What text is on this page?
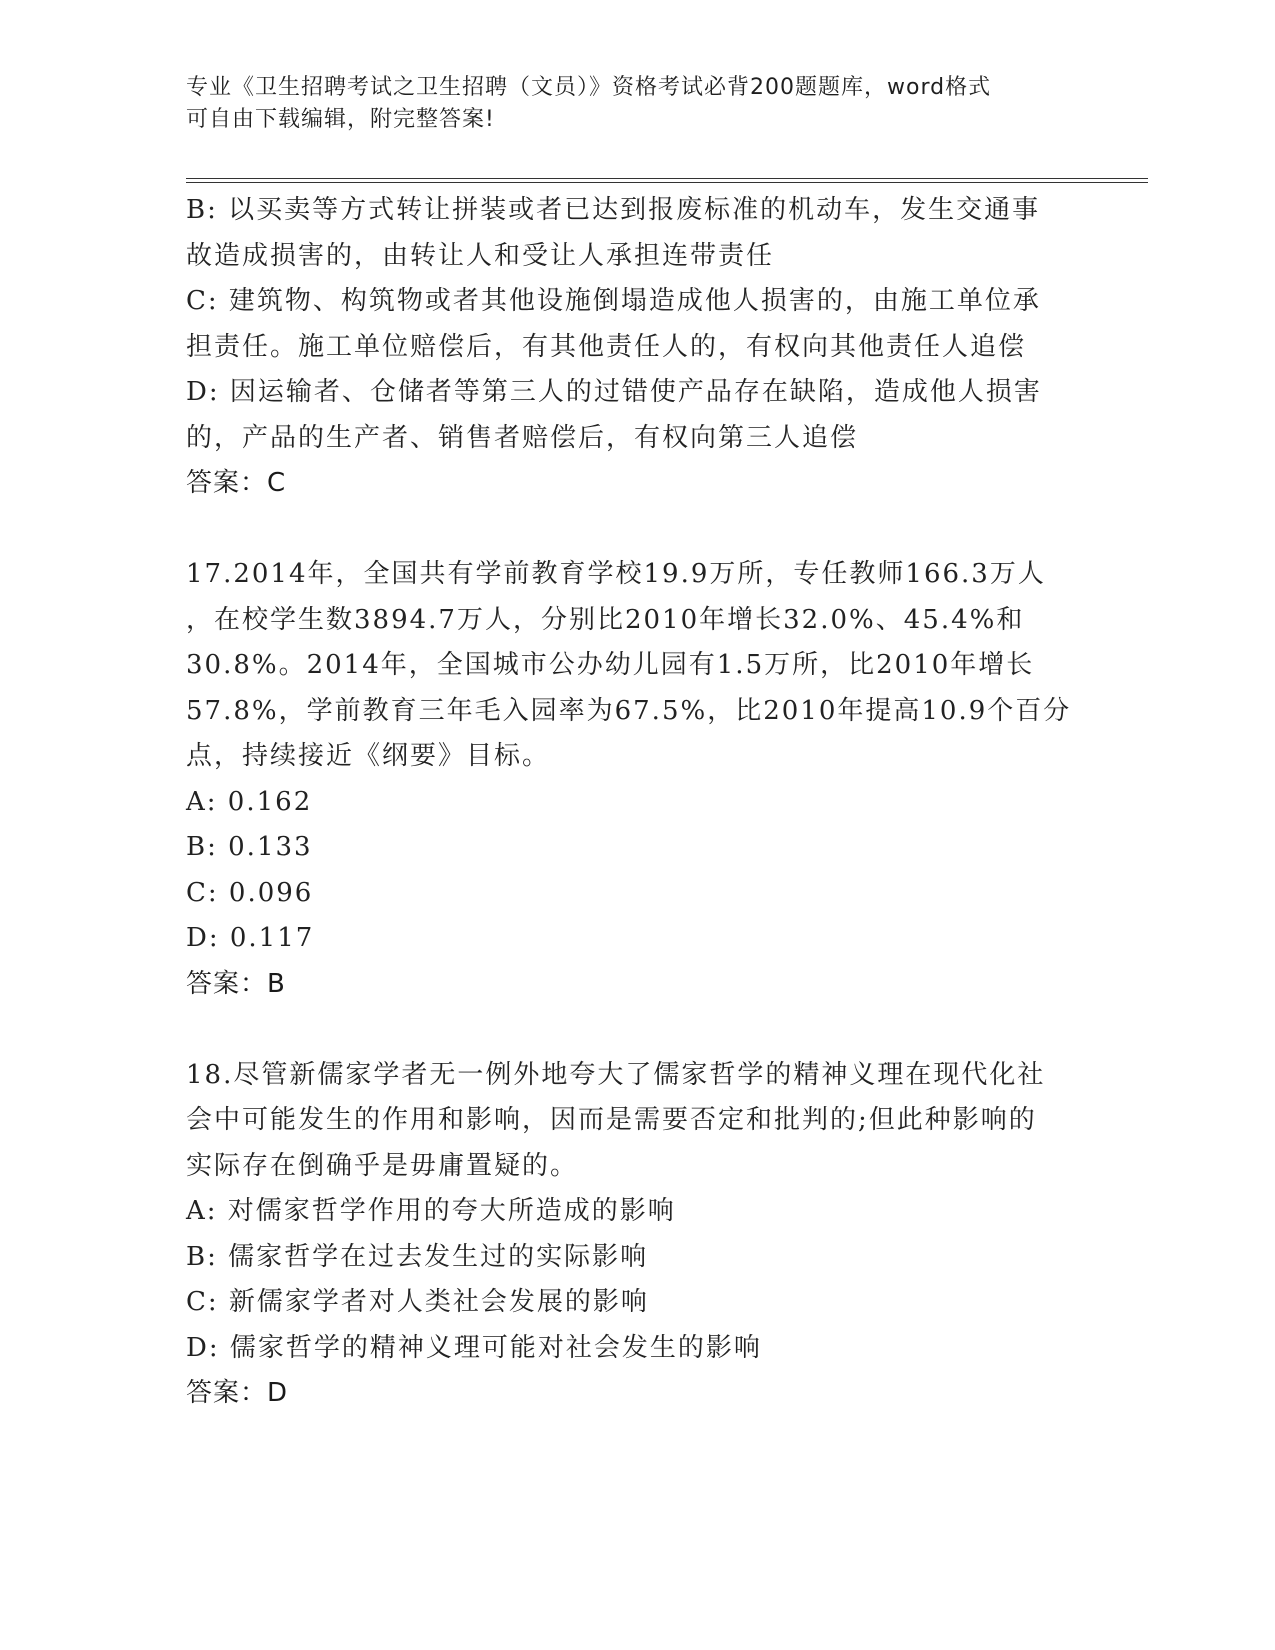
专业《卫生招聘考试之卫生招聘（文员）》资格考试必背200题题库，word格式
可自由下载编辑，附完整答案!
B: 以买卖等方式转让拼装或者已达到报废标准的机动车，发生交通事
故造成损害的，由转让人和受让人承担连带责任
C: 建筑物、构筑物或者其他设施倒塌造成他人损害的，由施工单位承
担责任。施工单位赔偿后，有其他责任人的，有权向其他责任人追偿
D: 因运输者、仓储者等第三人的过错使产品存在缺陷，造成他人损害
的，产品的生产者、销售者赔偿后，有权向第三人追偿
答案：C
17.2014年，全国共有学前教育学校19.9万所，专任教师166.3万人
，在校学生数3894.7万人，分别比2010年增长32.0%、45.4%和
30.8%。2014年，全国城市公办幼儿园有1.5万所，比2010年增长
57.8%，学前教育三年毛入园率为67.5%，比2010年提高10.9个百分
点，持续接近《纲要》目标。
A: 0.162
B: 0.133
C: 0.096
D: 0.117
答案：B
18.尽管新儒家学者无一例外地夸大了儒家哲学的精神义理在现代化社
会中可能发生的作用和影响，因而是需要否定和批判的;但此种影响的
实际存在倒确乎是毋庸置疑的。
A: 对儒家哲学作用的夸大所造成的影响
B: 儒家哲学在过去发生过的实际影响
C: 新儒家学者对人类社会发展的影响
D: 儒家哲学的精神义理可能对社会发生的影响
答案：D
